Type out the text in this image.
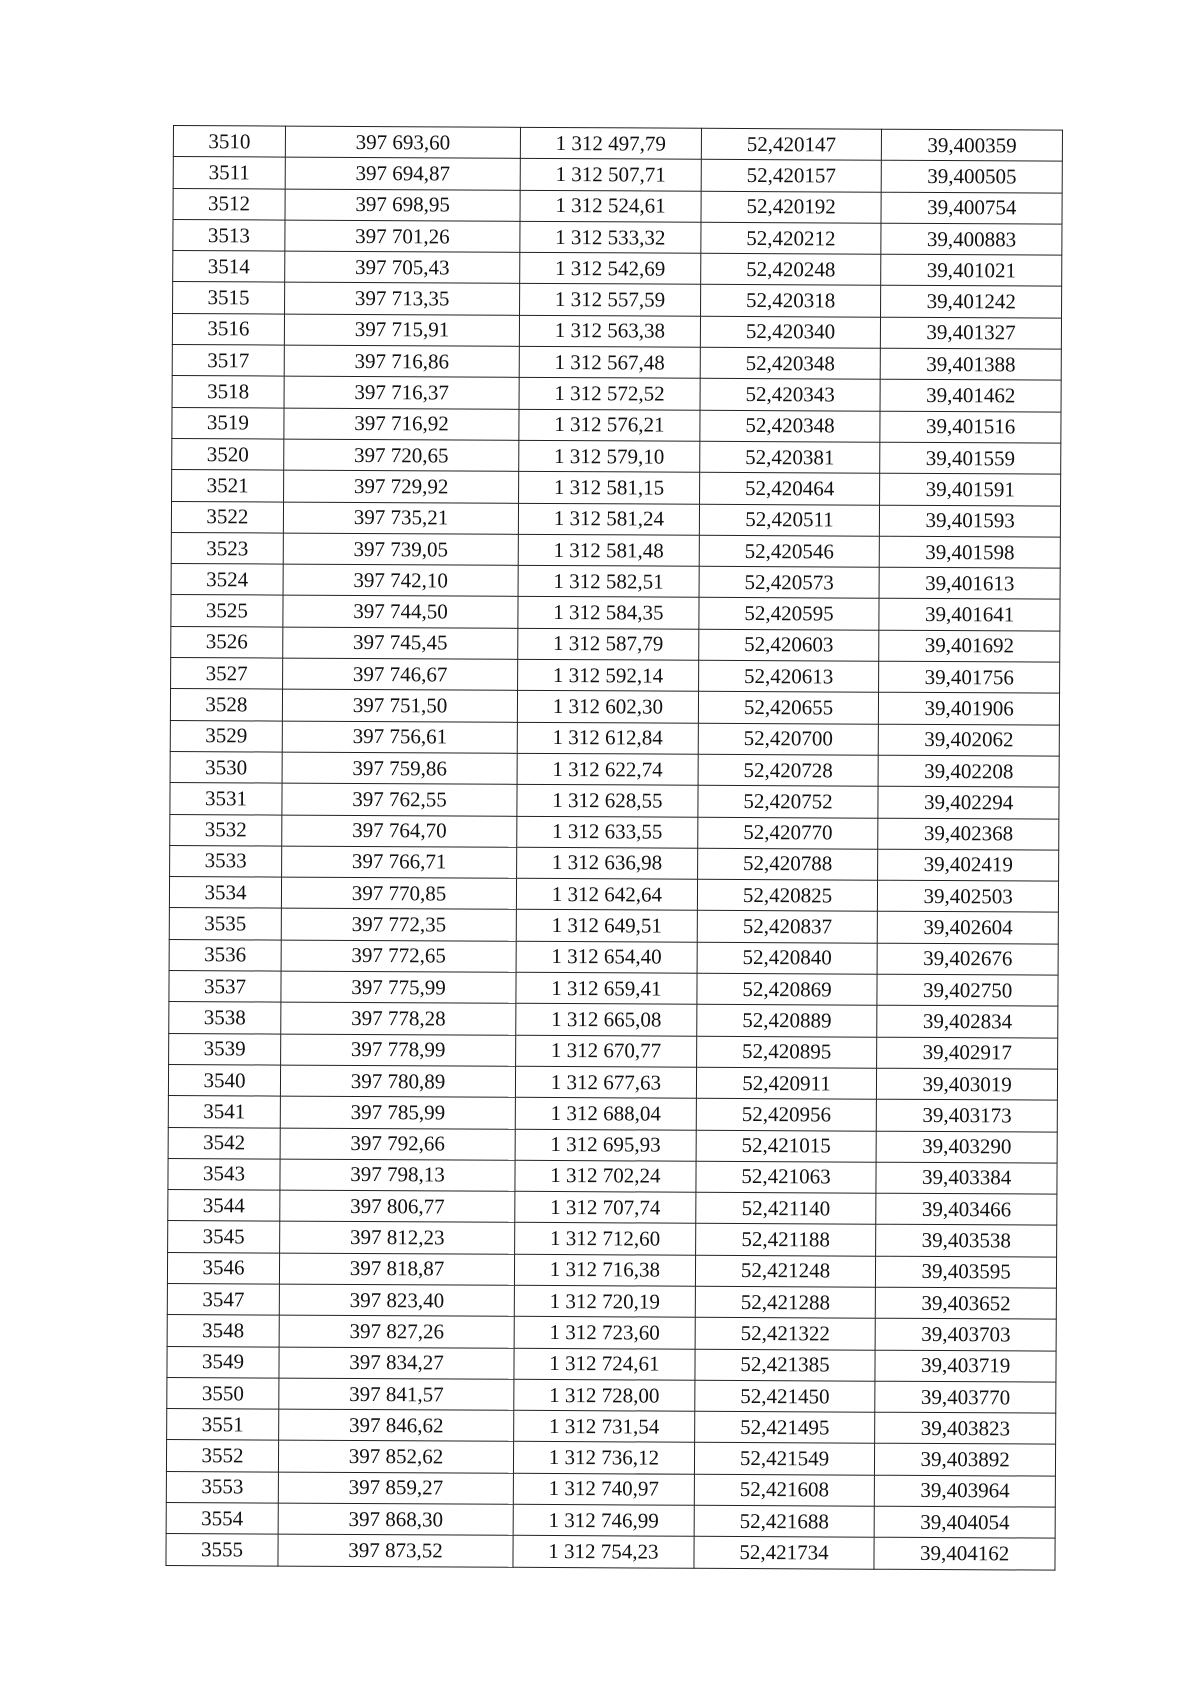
3510	397 693,60	1 312 497,79	52,420147	39,400359
3511	397 694,87	1 312 507,71	52,420157	39,400505
3512	397 698,95	1 312 524,61	52,420192	39,400754
3513	397 701,26	1 312 533,32	52,420212	39,400883
3514	397 705,43	1 312 542,69	52,420248	39,401021
3515	397 713,35	1 312 557,59	52,420318	39,401242
3516	397 715,91	1 312 563,38	52,420340	39,401327
3517	397 716,86	1 312 567,48	52,420348	39,401388
3518	397 716,37	1 312 572,52	52,420343	39,401462
3519	397 716,92	1 312 576,21	52,420348	39,401516
3520	397 720,65	1 312 579,10	52,420381	39,401559
3521	397 729,92	1 312 581,15	52,420464	39,401591
3522	397 735,21	1 312 581,24	52,420511	39,401593
3523	397 739,05	1 312 581,48	52,420546	39,401598
3524	397 742,10	1 312 582,51	52,420573	39,401613
3525	397 744,50	1 312 584,35	52,420595	39,401641
3526	397 745,45	1 312 587,79	52,420603	39,401692
3527	397 746,67	1 312 592,14	52,420613	39,401756
3528	397 751,50	1 312 602,30	52,420655	39,401906
3529	397 756,61	1 312 612,84	52,420700	39,402062
3530	397 759,86	1 312 622,74	52,420728	39,402208
3531	397 762,55	1 312 628,55	52,420752	39,402294
3532	397 764,70	1 312 633,55	52,420770	39,402368
3533	397 766,71	1 312 636,98	52,420788	39,402419
3534	397 770,85	1 312 642,64	52,420825	39,402503
3535	397 772,35	1 312 649,51	52,420837	39,402604
3536	397 772,65	1 312 654,40	52,420840	39,402676
3537	397 775,99	1 312 659,41	52,420869	39,402750
3538	397 778,28	1 312 665,08	52,420889	39,402834
3539	397 778,99	1 312 670,77	52,420895	39,402917
3540	397 780,89	1 312 677,63	52,420911	39,403019
3541	397 785,99	1 312 688,04	52,420956	39,403173
3542	397 792,66	1 312 695,93	52,421015	39,403290
3543	397 798,13	1 312 702,24	52,421063	39,403384
3544	397 806,77	1 312 707,74	52,421140	39,403466
3545	397 812,23	1 312 712,60	52,421188	39,403538
3546	397 818,87	1 312 716,38	52,421248	39,403595
3547	397 823,40	1 312 720,19	52,421288	39,403652
3548	397 827,26	1 312 723,60	52,421322	39,403703
3549	397 834,27	1 312 724,61	52,421385	39,403719
3550	397 841,57	1 312 728,00	52,421450	39,403770
3551	397 846,62	1 312 731,54	52,421495	39,403823
3552	397 852,62	1 312 736,12	52,421549	39,403892
3553	397 859,27	1 312 740,97	52,421608	39,403964
3554	397 868,30	1 312 746,99	52,421688	39,404054
3555	397 873,52	1 312 754,23	52,421734	39,404162
